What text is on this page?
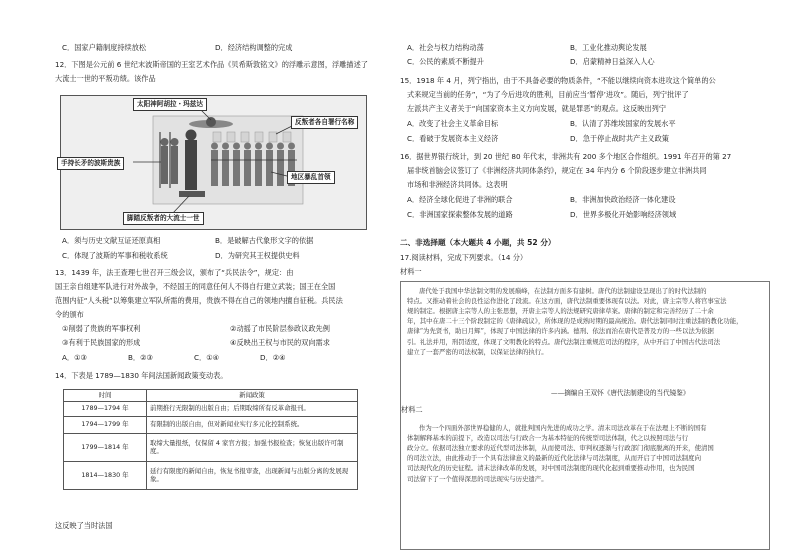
C．国家户籍制度持续放松	D．经济结构调整的完成
12．下图是公元前 6 世纪末波斯帝国的王室艺术作品《贝希斯敦铭文》的浮雕示意图，浮雕描述了
大流士一世的平叛功绩。该作品
太阳神阿胡拉・玛兹达
反叛者各自署行名称
手持长矛的波斯贵族
地区暴乱首领
脚踏反叛者的大流士一世
A．须与历史文献互证还原真相	B．是破解古代象形文字的依据
C．体现了波斯的军事和税收系统	D．为研究其王权提供史料
13．1439 年，法王查理七世召开三级会议，颁布了“兵民法令”，规定：由
国王亲自组建军队进行对外战争，不经国王的同意任何人不得自行建立武装；国王在全国
范围内征“人头税”以筹集建立军队所需的费用，贵族不得在自己的领地内擅自征税。兵民法
令的颁布
①削弱了贵族的军事权利	②动摇了市民阶层参政议政先例
③有利于民族国家的形成	④反映出王权与市民的双向需求
A．①③	B．②③	C．①④	D．②④
14．下表是 1789—1830 年间法国新闻政策变动表。
时间	新闻政策
1789—1794 年	前期推行无限制的出版自由；后期取缔所有反革命报刊。
1794—1799 年	有限制的出版自由，但对新闻业实行多元化控制系统。
1799—1814 年	取缔大量报纸，仅保留 4 家官方报；加强书报检查；恢复出版许可制度。
1814—1830 年	延行有限度的新闻自由，恢复书报审查，出现新闻与出版分离的发展现象。
这反映了当时法国
A．社会与权力结构动荡	B．工业化推动舆论发展
C．公民的素质不断提升	D．启蒙精神日益深入人心
15．1918 年 4 月，列宁指出，由于不具备必要的物质条件，“不能以继续向资本进攻这个简单的公
式来规定当前的任务”，“为了今后进攻的胜利，目前应当‘暂停’进攻”。随后，列宁批评了
左派共产主义者关于“向国家资本主义方向发展，就是罪恶”的观点。这反映出列宁
A．改变了社会主义革命目标	B．认清了苏维埃国家的发展水平
C．看破于发展资本主义经济	D．急于停止战时共产主义政策
16．据世界银行统计，到 20 世纪 80 年代末，非洲共有 200 多个地区合作组织。1991 年召开的第 27
届非统首脑会议签订了《非洲经济共同体条约》，规定在 34 年内分 6 个阶段逐步建立非洲共同
市场和非洲经济共同体。这表明
A．经济全球化促进了非洲的联合	B．非洲加快政治经济一体化建设
C．非洲国家探索整体发展的道路	D．世界多极化开始影响经济领域
二、非选择题（本大题共 4 小题，共 52 分）
17.阅读材料，完成下列要求。（14 分）
材料一

唐代处于我国中华法制文明的发展巅峰，在法制方面多有建树。唐代的法制建设呈现出了的时代法制的

特点。又推动着社会的良性运作进化了段流。在这方面，唐代法制重要体现有以法。对此，唐主宗等人将官事宝法

规的制定。根据唐主宗等人的主张思想，开唐主宗等人的法规研究唐律草案。唐律的制定和完善经历了二十余

年，其中在唐二十三个阶段制定的《唐律疏议》，所体现的是成熟时期的最高统治。唐代法制同时注重法制的教化功能，

唐律“为先贤书，助日月辉”，体现了中国法律的许多内涵。德刑、依法而治在唐代是普及方的一些以法为依据

引。礼法并用，刑罚适度，体现了文明教化的特点。唐代法制注重规范司法的程序，从中开启了中国古代法司法

建立了一套严密的司法权制，以保证法律的执行。

——摘编自王双怀《唐代法制建设的当代镜鉴》
材料二

作为一个四面外部世界稳健的人，就批判国内先进的成功之学。清末司法改革在于在法理上不断的国有

体制解释基本的前提下，改造以司法与行政合一为基本特征的传统型司法体制，代之以按照司法与行

政分立。依据司法独立要求的近代型司法体制，从而使司法、审判权逐渐与行政部门彻底脱离的开来，使清国

的司法立法，由此推动于一个具有法律意义的最新的近代化法律与司法制度，从而开启了中国司法制度向

司法现代化的历史征程。清末法律改革的发展，对中国司法制度的现代化起到重要推动作用，也为民国

司法留下了一个值得深思的司法现实与历史遗产。
